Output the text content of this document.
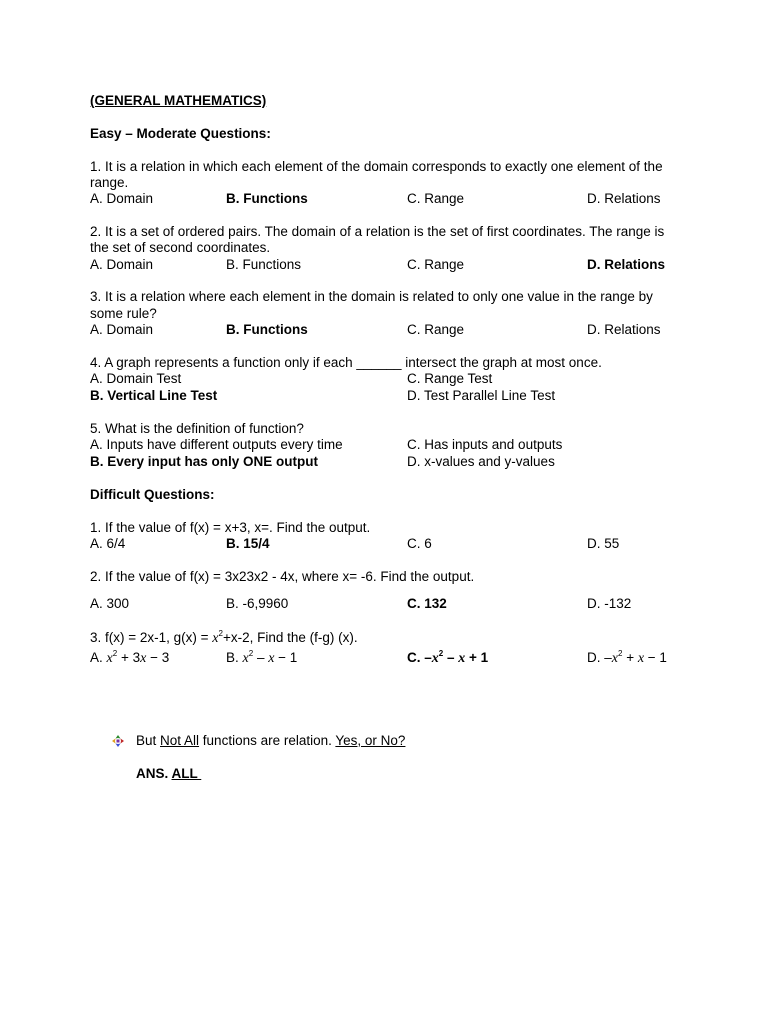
(GENERAL MATHEMATICS)
Easy – Moderate Questions:
1. It is a relation in which each element of the domain corresponds to exactly one element of the
range.
A. Domain	B. Functions	C. Range	D. Relations
2. It is a set of ordered pairs. The domain of a relation is the set of first coordinates. The range is
the set of second coordinates.
A. Domain	B. Functions	C. Range	D. Relations
3. It is a relation where each element in the domain is related to only one value in the range by
some rule?
A. Domain	B. Functions	C. Range	D. Relations
4. A graph represents a function only if each ______ intersect the graph at most once.
A. Domain Test	C. Range Test
B. Vertical Line Test	D. Test Parallel Line Test
5. What is the definition of function?
A. Inputs have different outputs every time	C. Has inputs and outputs
B. Every input has only ONE output	D. x-values and y-values
Difficult Questions:
1. If the value of f(x) = x+3, x=. Find the output.
A. 6/4	B. 15/4	C. 6	D. 55
2. If the value of f(x) = 3x23x2 - 4x, where x= -6. Find the output.
A. 300	B. -6,9960	C. 132	D. -132
3. f(x) = 2x-1, $g(x) = x^2+x-2$, Find the (f-g) (x).
A. $x^2 + 3x - 3$	B. $x^2 - x - 1$	C. $-x^2 - x + 1$	D. $-x^2 + x - 1$
But Not All functions are relation. Yes, or No?
ANS. ALL
